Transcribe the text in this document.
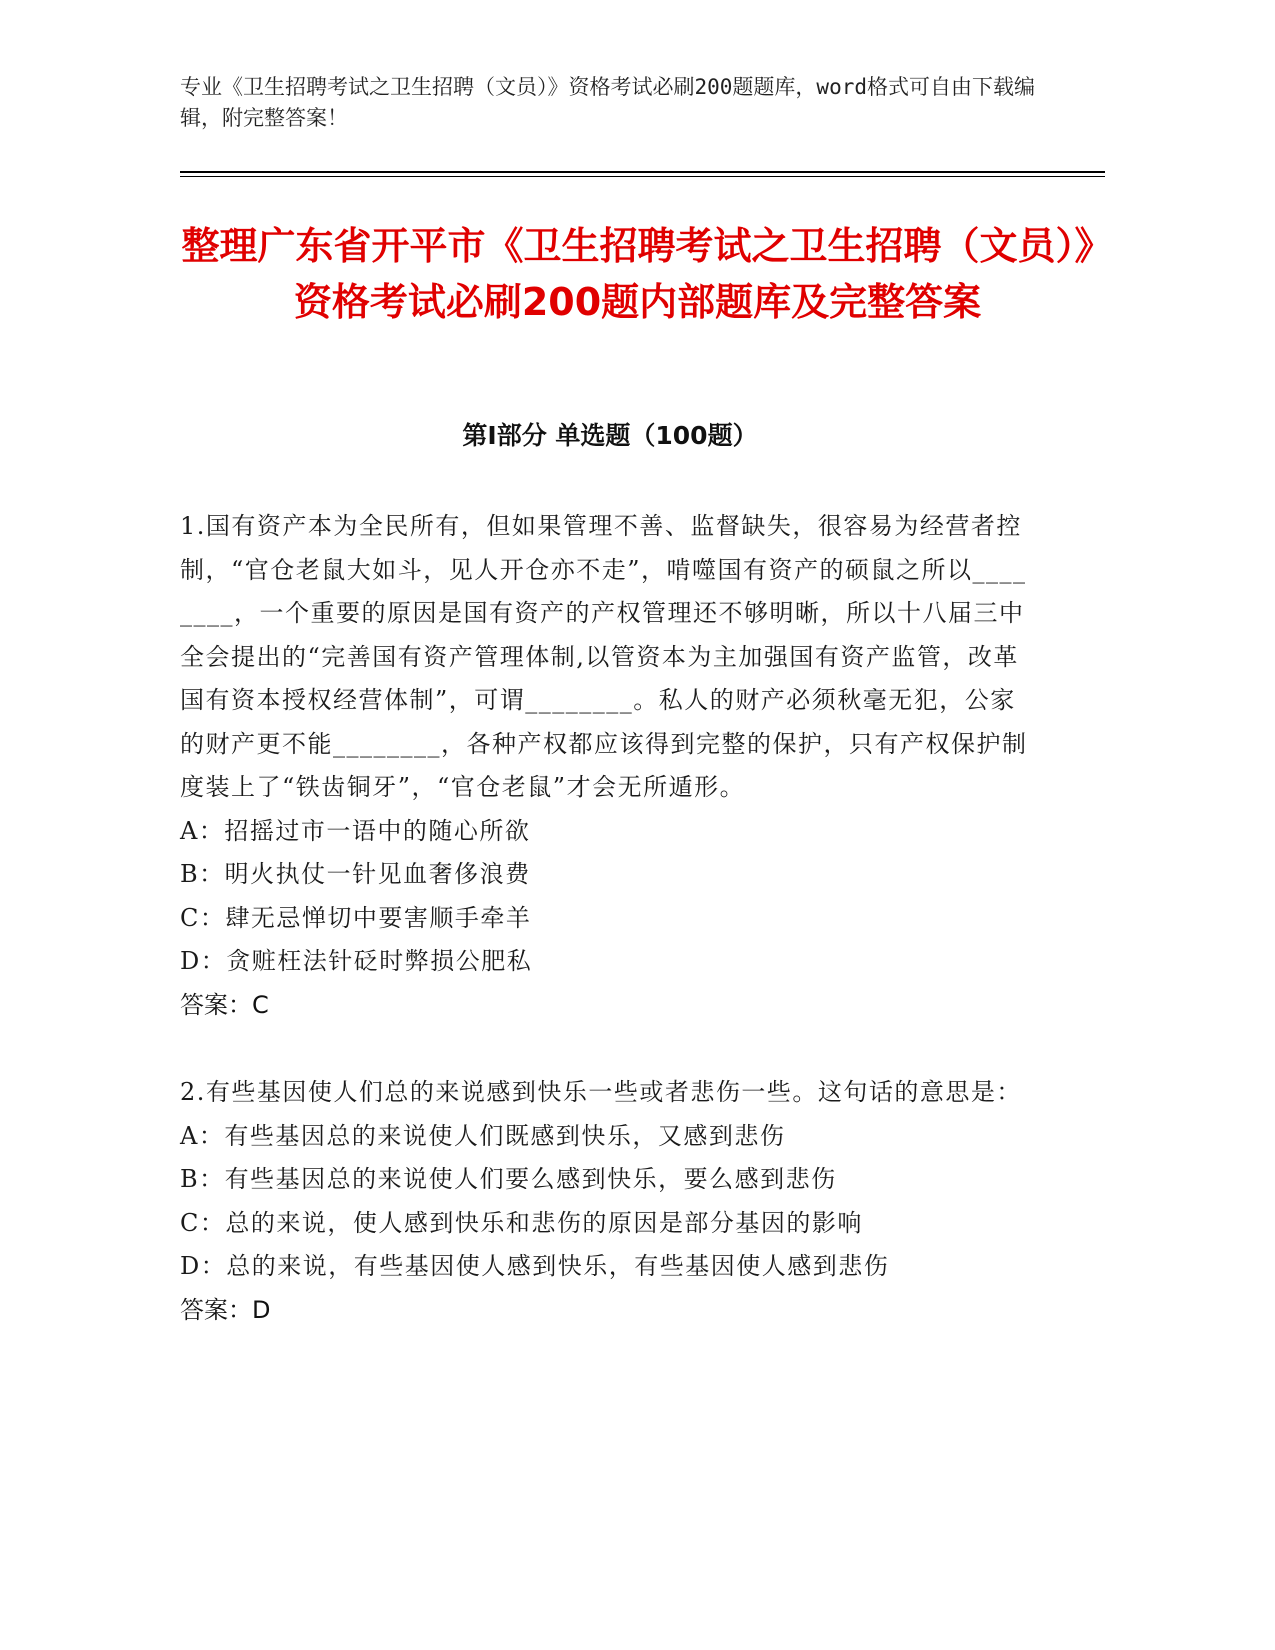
专业《卫生招聘考试之卫生招聘（文员）》资格考试必刷200题题库，word格式可自由下载编辑，附完整答案！
整理广东省开平市《卫生招聘考试之卫生招聘（文员）》资格考试必刷200题内部题库及完整答案
第Ⅰ部分 单选题（100题）

1.国有资产本为全民所有，但如果管理不善、监督缺失，很容易为经营者控制，“官仓老鼠大如斗，见人开仓亦不走”，啃噬国有资产的硕鼠之所以________，一个重要的原因是国有资产的产权管理还不够明晰，所以十八届三中全会提出的“完善国有资产管理体制,以管资本为主加强国有资产监管，改革国有资本授权经营体制”，可谓________。私人的财产必须秋毫无犯，公家的财产更不能________，各种产权都应该得到完整的保护，只有产权保护制度装上了“铁齿铜牙”，“官仓老鼠”才会无所遁形。

A：招摇过市一语中的随心所欲

B：明火执仗一针见血奢侈浪费

C：肆无忌惮切中要害顺手牵羊

D：贪赃枉法针砭时弊损公肥私

答案：C

2.有些基因使人们总的来说感到快乐一些或者悲伤一些。这句话的意思是：

A：有些基因总的来说使人们既感到快乐，又感到悲伤

B：有些基因总的来说使人们要么感到快乐，要么感到悲伤

C：总的来说，使人感到快乐和悲伤的原因是部分基因的影响

D：总的来说，有些基因使人感到快乐，有些基因使人感到悲伤

答案：D
